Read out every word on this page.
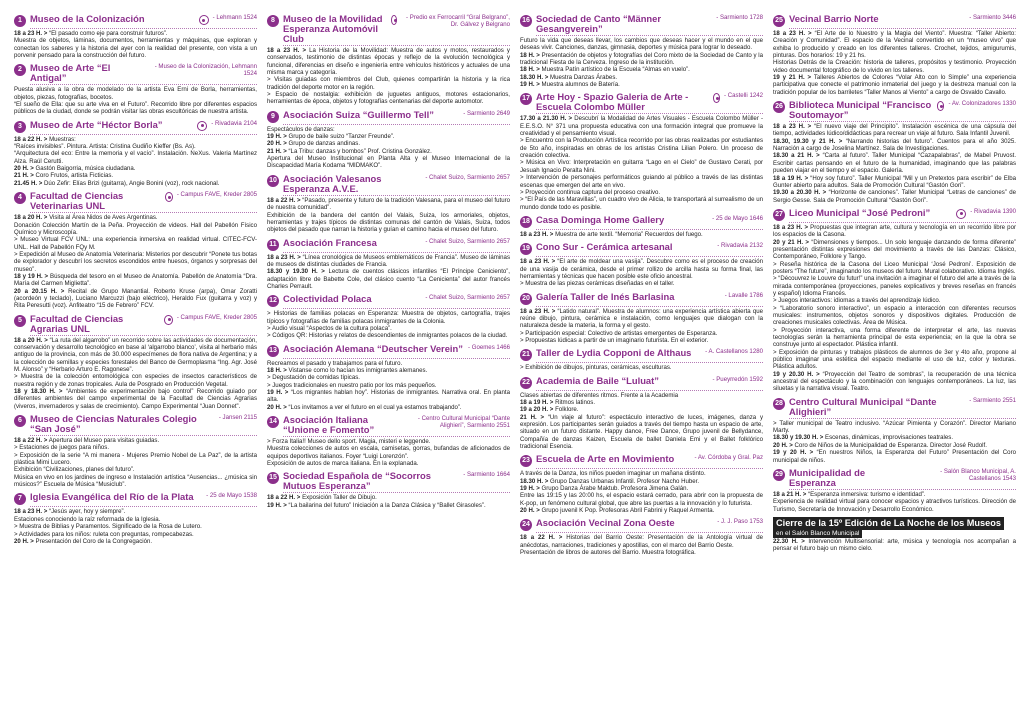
1 Museo de la Colonización	- Lehmann 1524

18 a 23 H. > “El pasado como eje para construir futuros”.

Muestra de objetos, láminas, documentos, herramientas y máquinas, que exploran y conectan los saberes y la historia del ayer con la realidad del presente, con vista a un porvenir pensado para la construcción del futuro.

2 Museo de Arte “El Antigal”
- Museo de la Colonización, Lehmann 1524

Puesta alusiva a la obra de modelado de la artista Eva Erni de Borla, herramientas, objetos, piezas, fotografías, bocetos.

“El sueño de Ella: que su arte viva en el Futuro”. Recorrido libre por diferentes espacios públicos de la ciudad, donde se podrán visitar las obras escultóricas de nuestra artista.

3 Museo de Arte “Héctor Borla”	- Rivadavia 2104

18 a 22 H. > Muestras:

“Raíces invisibles”. Pintura. Artista: Cristina Gudiño Kieffer (Bs. As).

“Arquitectura del eco: Entre la memoria y el vacío”. Instalación. NeXus. Valeria Martínez Alza. Raúl Cerutti.

20 H. > Gastón Baigorria, música ciudadana.

21 H. > Coro Frutos, artista Ficticias.

21.45 H. > Dúo Zefir: Elías Brizi (guitarra), Angie Bonini (voz), rock nacional.

4 Facultad de Ciencias Veterinarias UNL
- Campus FAVE, Kreder 2805

18 a 20 H. > Visita al Área Nidos de Aves Argentinas.

Donación Colección Martín de la Peña. Proyección de videos. Hall del Pabellón Físico Químico y Microscopía.

> Museo Virtual FCV UNL: una experiencia inmersiva en realidad virtual. CITEC-FCV-UNL. Hall de Pabellón FQy M.

> Expedición al Museo de Anatomía Veterinaria: Misterios por descubrir “Ponete tus botas de explorador y descubrí los secretos escondidos entre huesos, órganos y sorpresas del museo”.

18 y 19 H. > Búsqueda del tesoro en el Museo de Anatomía. Pabellón de Anatomía “Dra. María del Carmen Miglietta”.

20 a 20.15 H. > Recital de Grupo Manantial. Roberto Kruse (arpa), Omar Zoratti (acordeón y teclado), Luciano Marcuzzi (bajo eléctrico), Heraldo Fux (guitarra y voz) y Rita Peresutti (voz). Anfiteatro “15 de Febrero” FCV.

5 Facultad de Ciencias Agrarias UNL
- Campus FAVE, Kreder 2805

18 a 20 H. > “La ruta del algarrobo” un recorrido sobre las actividades de documentación, conservación y desarrollo tecnológico en base al ‘algarrobo blanco’, visita al herbario más antiguo de la provincia, con más de 30.000 especímenes de flora nativa de Argentina; y a la colección de semillas y especies forestales del Banco de Germoplasma “Ing. Agr. José M. Alonso” y “Herbario Arturo E. Ragonese”.

> Muestra de la colección entomológica con especies de insectos característicos de nuestra región y de zonas tropicales. Aula de Posgrado en Producción Vegetal.

18 y 18.30 H. > “Ambientes de experimentación bajo control” Recorrido guiado por diferentes ambientes del campo experimental de la Facultad de Ciencias Agrarias (viveros, invernaderos y salas de crecimiento). Campo Experimental “Juan Donnet”.

6 Museo de Ciencias Naturales Colegio “San José”
- Jansen 2115

18 a 22 H. > Apertura del Museo para visitas guiadas.

> Estaciones de juegos para niños.

> Exposición de la serie “A mi manera - Mujeres Premio Nobel de La Paz”, de la artista plástica Mimi Lucero.

Exhibición “Civilizaciones, planes del futuro”.

Música en vivo en los jardines de ingreso e Instalación artística “Ausencias... ¿música sin músicos?” Escuela de Música “Musiclub”.

7 Iglesia Evangélica del Río de la Plata	- 25 de Mayo 1538

18 a 23 H. > “Jesús ayer, hoy y siempre”.

Estaciones conociendo la raíz reformada de la Iglesia.

> Muestra de Biblias y Paramentos. Significado de la Rosa de Lutero.

> Actividades para los niños: ruleta con preguntas, rompecabezas.

20 H. > Presentación del Coro de la Congregación.

8 Museo de la Movilidad Esperanza Automóvil Club
- Predio ex Ferrocarril “Gral Belgrano”, Dr. Gálvez y Belgrano

18 a 23 H. > La Historia de la Movilidad: Muestra de autos y motos, restaurados y conservados, testimonio de distintas épocas y reflejo de la evolución tecnológica y funcional, diferencias en diseño e ingeniería entre vehículos históricos y actuales de una misma marca y categoría.

> Visitas guiadas con miembros del Club, quienes compartirán la historia y la rica tradición del deporte motor en la región.

> Espacio de nostalgia: exhibición de juguetes antiguos, motores estacionarios, herramientas de época, objetos y fotografías centenarias del deporte automotor.

9 Asociación Suiza “Guillermo Tell”	- Sarmiento 2649

Espectáculos de danzas:

19 H. > Grupo de baile suizo “Tanzer Freunde”.

20 H. > Grupo de danzas andinas.

21 H. > “La Tribu: danzas y bombos” Prof. Cristina González.

Apertura del Museo Institucional en Planta Alta y el Museo Internacional de la Discapacidad María Kodama “MIDMAKO”.

10 Asociación Valesanos Esperanza A.V.E.
- Chalet Suizo, Sarmiento 2657

18 a 22 H. > “Pasado, presente y futuro de la tradición Valesana, para el museo del futuro de nuestra comunidad”.

Exhibición de la bandera del cantón del Valais, Suiza, los armoriales, objetos, herramientas y trajes típicos de distintas comunas del cantón de Valais, Suiza, todos objetos del pasado que narran la historia y guían el camino hacia el museo del futuro.

11 Asociación Francesa	- Chalet Suizo, Sarmiento 2657

18 a 23 H. > “Línea cronológica de Museos emblemáticos de Francia”. Museo de láminas de museos de distintas ciudades de Francia.

18.30 y 19.30 H. > Lectura de cuentos clásicos infantiles “El Príncipe Ceniciento”, adaptación libre de Babette Cole, del clásico cuento “La Cenicienta” del autor francés Charles Perrault.

12 Colectividad Polaca	- Chalet Suizo, Sarmiento 2657

> Historias de familias polacas en Esperanza: Muestra de objetos, cartografía, trajes típicos y fotografías de familias polacas inmigrantes de la Colonia.

> Audio visual “Aspectos de la cultura polaca”.

> Códigos QR: Historias y relatos de descendientes de inmigrantes polacos de la ciudad.

13 Asociación Alemana “Deutscher Verein” - Goemes 1466

Recreamos el pasado y trabajamos para el futuro.

18 H. > Vistanse como lo hacían los inmigrantes alemanes.

> Degustación de comidas típicas.

> Juegos tradicionales en nuestro patio por los más pequeños.

19 H. > “Los migrantes hablan hoy”. Historias de inmigrantes. Narrativa oral. En planta alta.

20 H. > “Los invitamos a ver el futuro en el cual ya estamos trabajando”.

14 Asociación Italiana “Unione e Fomento”
- Centro Cultural Municipal “Dante Alighieri”, Sarmiento 2551

> Forza Italia!! Museo dello sport. Magia, misteri e leggende.

Muestra colecciones de autos en escala, camisetas, gorras, bufandas de aficionados de equipos deportivos italianos. Foyer “Luigi Lorenzón”.

Exposición de autos de marca italiana. En la explanada.

15 Sociedad Española de “Socorros Mutuos Esperanza”
- Sarmiento 1664

18 a 22 H. > Exposición Taller de Dibujo.

19 H. > “La bailarina del futuro” Iniciación a la Danza Clásica y “Ballet Girasoles”.

16 Sociedad de Canto “Männer Gesangverein”
- Sarmiento 1728

Futuro la vida que deseas llevar, los cambios que deseas hacer y el mundo en el que deseas vivir. Canciones, danzas, gimnasia, deportes y música para lograr lo deseado.

18 H. > Presentación de objetos y fotografías del Coro mixto de la Sociedad de Canto y la tradicional Fiesta de la Cerveza. Ingreso de la institución.

18 H. > Muestra Patín artístico de la Escuela “Almas en vuelo”.

18.30 H. > Muestra Danzas Árabes.

19 H. > Muestra alumnos de Batería.

17 Arte Hoy - Spazio Galeria de Arte - Escuela Colombo Müller
- Castelli 1242

17.30 a 21.30 H. > Descubrí la Modalidad de Artes Visuales - Escuela Colombo Müller - E.E.S.O. N° 371 una propuesta educativa con una formación integral que promueve la creatividad y el pensamiento visual.

> Encuentro con la Producción Artística recorrido por las obras realizadas por estudiantes de 5to año, inspiradas en obras de los artistas Cristina Lilian Polero. Un proceso de creación colectiva.

> Música en Vivo: Interpretación en guitarra “Lago en el Cielo” de Gustavo Cerati, por Jesuah Ignacio Peralta Nini.

> Intervención de personajes performáticos guiando al público a través de las distintas escenas que emergen del arte en vivo.

> Proyección continua captura del proceso creativo.

> “El País de las Maravillas”, un cuadro vivo de Alicia, te transportará al surrealismo de un mundo donde todo es posible.

18 Casa Dominga Home Gallery	- 25 de Mayo 1646

18 a 23 H. > Muestra de arte textil. “Memoria” Recuerdos del fuego.

19 Cono Sur - Cerámica artesanal	- Rivadavia 2132

18 a 23 H. > “El arte de moldear una vasija”. Descubre como es el proceso de creación de una vasija de cerámica, desde el primer rollizo de arcilla hasta su forma final, las herramientas y técnicas que hacen posible este oficio ancestral.

> Muestra de las piezas cerámicas diseñadas en el taller.

20 Galería Taller de Inés Barlasina	- Lavalle 1786

18 a 23 H. > “Latido natural”. Muestra de alumnos: una experiencia artística abierta que reúne dibujo, pintura, cerámica e instalación, como lenguajes que dialogan con la naturaleza desde la materia, la forma y el gesto.

> Participación especial: Colectivo de artistas emergentes de Esperanza.

> Propuestas lúdicas a partir de un imaginario futurista. En el exterior.

21 Taller de Lydia Copponi de Althaus	- A. Castellanos 1280

> Exhibición de dibujos, pinturas, cerámicas, esculturas.

22 Academia de Baile “Luluat”	- Pueyrredón 1592

Clases abiertas de diferentes ritmos. Frente a la Academia

18 a 19 H. > Ritmos latinos.

19 a 20 H. > Folklore.

21 H. > “Un viaje al futuro”: espectáculo interactivo de luces, imágenes, danza y expresión. Los participantes serán guiados a través del tiempo hasta un espacio de arte, situado en un futuro distante. Happy dance, Free Dance, Grupo juvenil de Bellydance, Compañía de danzas Kaizen, Escuela de ballet Daniela Emi y el Ballet folklórico tradicional Esencia.

23 Escuela de Arte en Movimiento	- Av. Córdoba y Gral. Paz

A través de la Danza, los niños pueden imaginar un mañana distinto.

18.30 H. > Grupo Danzas Urbanas Infantil. Profesor Nacho Huber.

19 H. > Grupo Danza Árabe Maktub. Profesora Jimena Galán.

Entre las 19:15 y las 20:00 hs, el espacio estará cerrado, para abrir con la propuesta de K-pop, un fenómeno cultural global, que abre las puertas a la innovación y lo futurista.

20 H. > Grupo juvenil K Pop. Profesoras Abril Fabrini y Raquel Armenta.

24 Asociación Vecinal Zona Oeste	- J. J. Paso 1753

18 a 22 H. > Historias del Barrio Oeste: Presentación de la Antología virtual de anécdotas, narraciones, tradiciones y apostillas, con el marco del Barrio Oeste.

Presentación de libros de autores del Barrio. Muestra fotográfica.

25 Vecinal Barrio Norte	- Sarmiento 3446

18 a 23 H. > “El Arte de lo Nuestro y la Magia del Viento”. Muestra: “Taller Abierto: Creación y Comunidad”. El espacio de la Vecinal convertido en un “museo vivo” que exhiba lo producido y creado en los diferentes talleres. Crochet, tejidos, amigurumis, pinturas. Dos horarios: 19 y 21 hs.

Historias Detrás de la Creación: historia de talleres, propósitos y testimonio. Proyección video documental fotográfico de lo vivido en los talleres.

19 y 21 H. > Talleres Abiertos de Colores “Volar Alto con lo Simple” una experiencia participativa que conecte el patrimonio inmaterial del juego y la destreza manual con la tradición popular de los barriletes “Taller Manos al Viento” a cargo de Osvaldo Cavallo.

26 Biblioteca Municipal “Francisco Soutomayor”
- Av. Colonizadores 1330

18 a 23 H. > “El nuevo viaje del Principito”. Instalación escénica de una cápsula del tiempo, actividades lúdico/didácticas para recrear un viaje al futuro. Sala Infantil Juvenil.

18.30, 19.30 y 21 H. > “Narrando historias del futuro”. Cuentos para el año 3025. Narración a cargo de Joselina Martínez. Sala de Investigaciones.

18.30 a 21 H. > “Carta al futuro”. Taller Municipal “Cazapalabras”, de Mabel Pruvost. Escribir cartas pensando en el futuro de la humanidad, imaginando que las palabras pueden viajar en el tiempo y el espacio. Galería.

18 a 19 H. > “Hoy soy futuro”. Taller Municipal “Mil y un Pretextos para escribir” de Elba Gunter abierto para adultos. Sala de Promoción Cultural “Gastón Gori”.

19.30 a 20.30 H. > “Horizonte de canciones”. Taller Municipal “Letras de canciones” de Sergio Gesse. Sala de Promoción Cultural “Gastón Gori”.

27 Liceo Municipal “José Pedroni”	- Rivadavia 1390

18 a 23 H. > Propuestas que integran arte, cultura y tecnología en un recorrido libre por los espacios de la Casona.

20 y 21 H. > “Dimensiones y tiempos... Un solo lenguaje danzando de forma diferente” presentación distintas expresiones del movimiento a través de las Danzas: Clásico, Contemporáneo, Folklore y Tango.

> Reseña histórica de la Casona del Liceo Municipal ‘José Pedroni’. Exposición de posters “The future”, imaginando los museos del futuro. Mural colaborativo. Idioma Inglés.

> “Découvrez le Louvre du futur!” una invitación a imaginar el futuro del arte a través de la mirada contemporánea (proyecciones, paneles explicativos y breves reseñas en francés y español) Idioma Francés.

> Juegos interactivos: idiomas a través del aprendizaje lúdico.

> “Laboratorio sonoro interactivo”, un espacio a interacción con diferentes recursos musicales: instrumentos, objetos sonoros y dispositivos digitales. Producción de creaciones musicales colectivas. Área de Música.

> Proyección interactiva, una forma diferente de interpretar el arte, las nuevas tecnologías serán la herramienta principal de esta experiencia; en la que la obra se construye junto al espectador. Plástica infantil.

> Exposición de pinturas y trabajos plásticos de alumnos de 3er y 4to año, propone al público imaginar una estética del espacio mediante el uso de luz, color y texturas. Plástica adultos.

19 y 20.30 H. > “Proyección del Teatro de sombras”, la recuperación de una técnica ancestral del espectáculo y la combinación con lenguajes contemporáneos. La luz, las siluetas y la narrativa visual. Teatro.

28 Centro Cultural Municipal “Dante Alighieri”
- Sarmiento 2551

> Taller municipal de Teatro inclusivo. “Azúcar Pimienta y Corazón”. Director Mariano Marty.

18.30 y 19.30 H. > Escenas, dinámicas, improvisaciones teatrales.

20 H. > Coro de Niños de la Municipalidad de Esperanza. Director José Rudolf.

19 y 20 H. > “En nuestros Niños, la Esperanza del Futuro” Presentación del Coro municipal de niños.

29 Municipalidad de Esperanza
- Salón Blanco Municipal, A. Castellanos 1543

18 a 21 H. > “Esperanza inmersiva: turismo e identidad”.

Experiencia de realidad virtual para conocer espacios y atractivos turísticos. Dirección de Turismo, Secretaría de Innovación y Desarrollo Económico.

Cierre de la 15º Edición de La Noche de los Museos
en el Salón Blanco Municipal
22.30 H. > Intervención Multisensorial: arte, música y tecnología nos acompañan a pensar el futuro bajo un mismo cielo.
